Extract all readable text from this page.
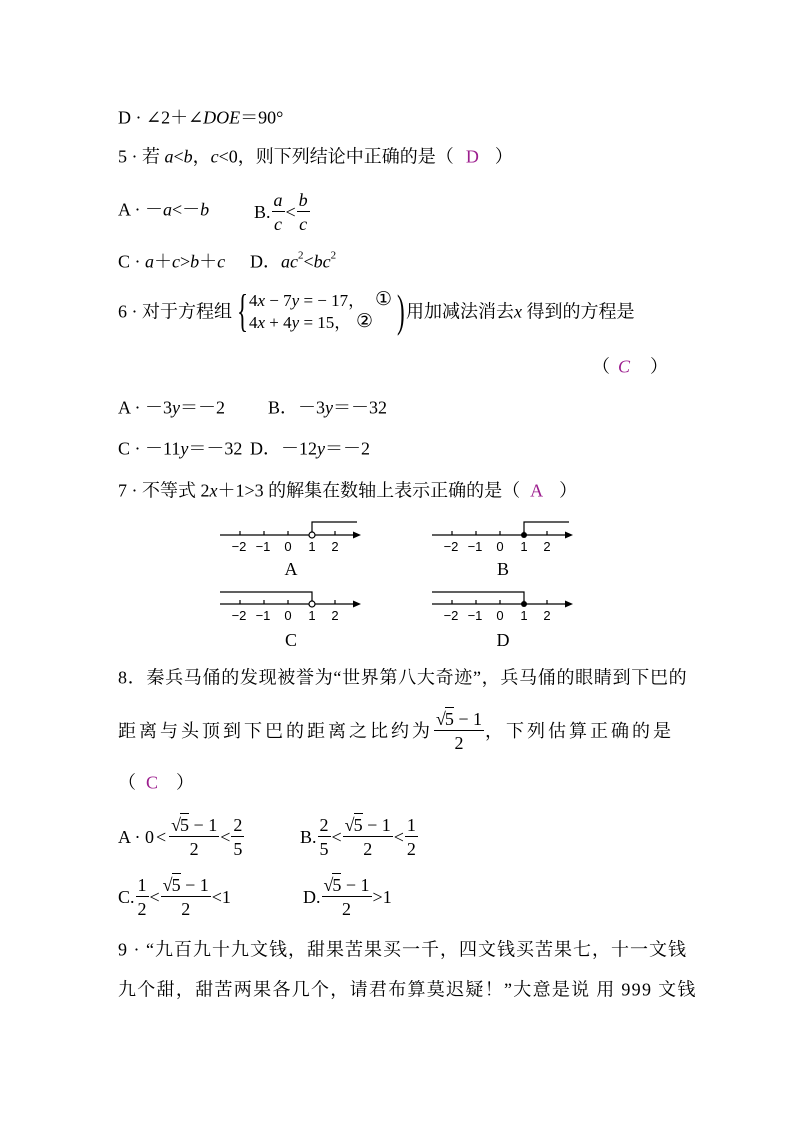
D · ∠2＋∠ DOE ＝90°
5 · 若 a < b ， c <0，则下列结论中正确的是（ D ）
A · － a <－ b B. $\frac{a}{c} < \frac{b}{c}$
C · a ＋ c > b ＋ c D． ac 2 < bc 2
6 · 对于方程组 { 4 x − 7 y = − 17， ①
4 x + 4 y = 15， ② ) 用加减法消去 x 得到的方程是
（ C ）
A · －3 y ＝－2 B．－3 y ＝－32
C · －11 y ＝－32 D．－12 y ＝－2
7 · 不等式 2 x ＋1>3 的解集在数轴上表示正确的是（ A ）
−2 −1 0 1 2
A
−2 −1 0 1 2
B
−2 −1 0 1 2
C
−2 −1 0 1 2
D
8．秦兵马俑的发现被誉为“世界第八大奇迹”，兵马俑的眼睛到下巴的
距离与头顶到下巴的距离之比约为 $\frac{√5 - 1}{2}$ ，下列估算正确的是
（ C ）
$A \cdot 0 < \frac{√5 - 1}{2} < \frac{2}{5}$	B. $\frac{2}{5} < \frac{√5 - 1}{2} < \frac{1}{2}$
C. $\frac{1}{2} < \frac{√5 - 1}{2} <1$	D. $\frac{√5 - 1}{2} >1$
9 · “九百九十九文钱，甜果苦果买一千，四文钱买苦果七，十一文钱
九个甜，甜苦两果各几个，请君布算莫迟疑！”大意是说 用 999 文钱
